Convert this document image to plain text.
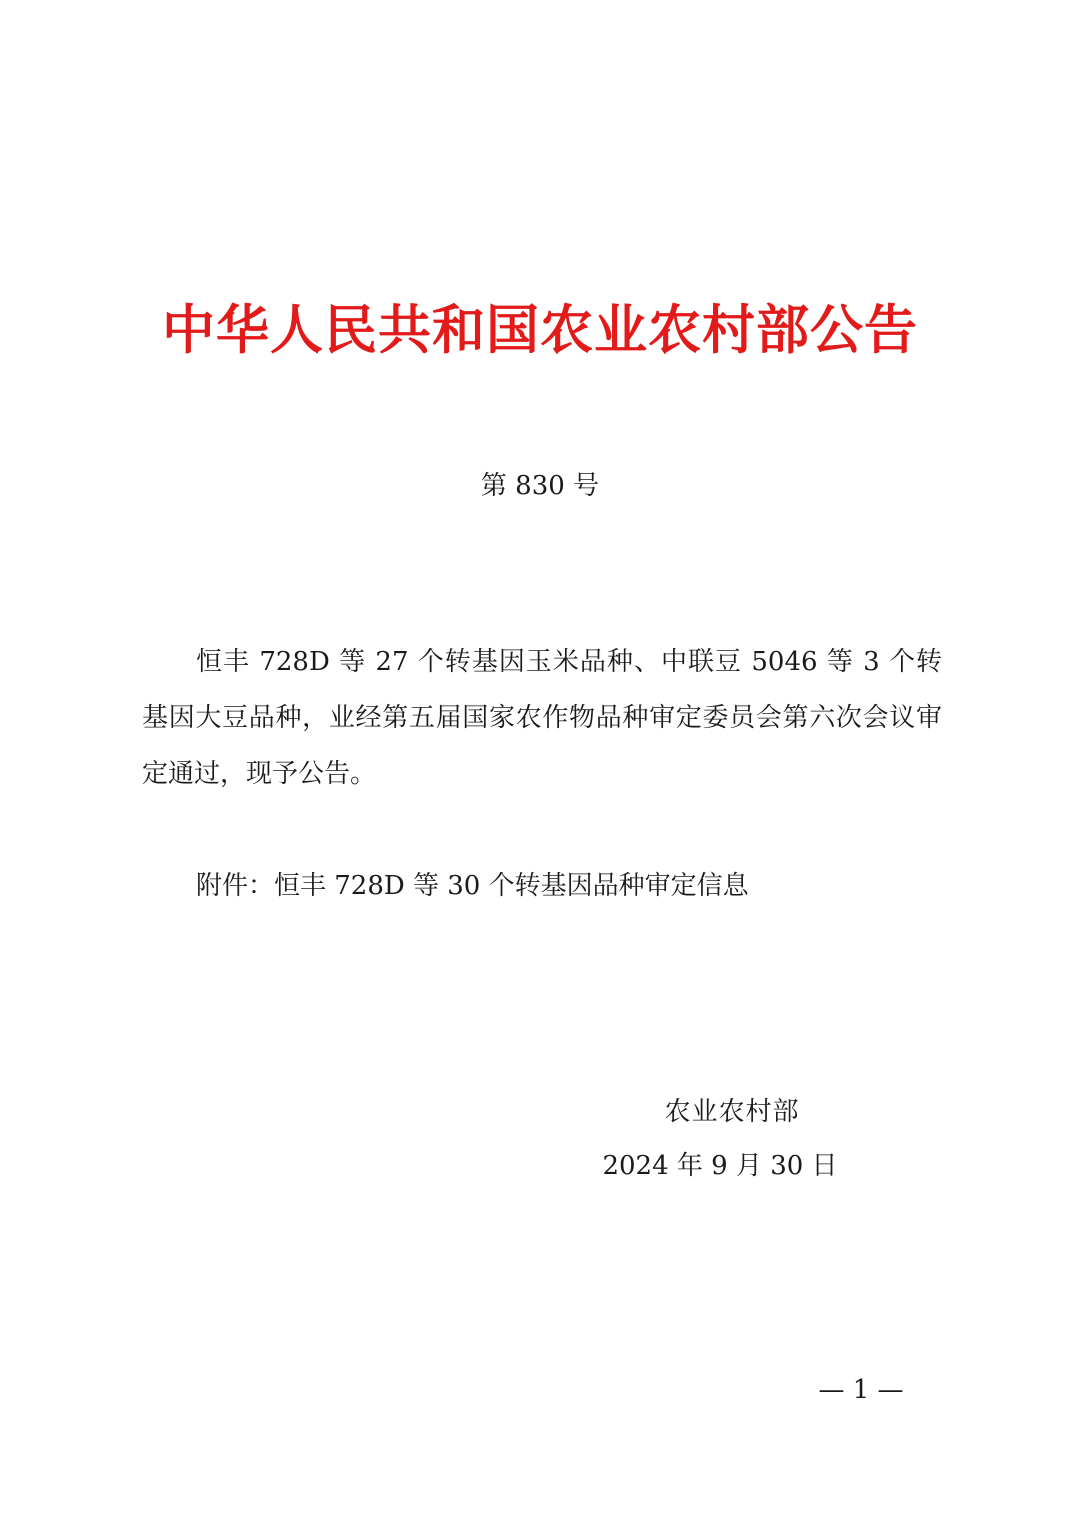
中华人民共和国农业农村部公告
第 830 号

恒丰 728D 等 27 个转基因玉米品种、中联豆 5046 等 3 个转基因大豆品种，业经第五届国家农作物品种审定委员会第六次会议审定通过，现予公告。

附件：恒丰 728D 等 30 个转基因品种审定信息
农业农村部
2024 年 9 月 30 日
— 1 —
